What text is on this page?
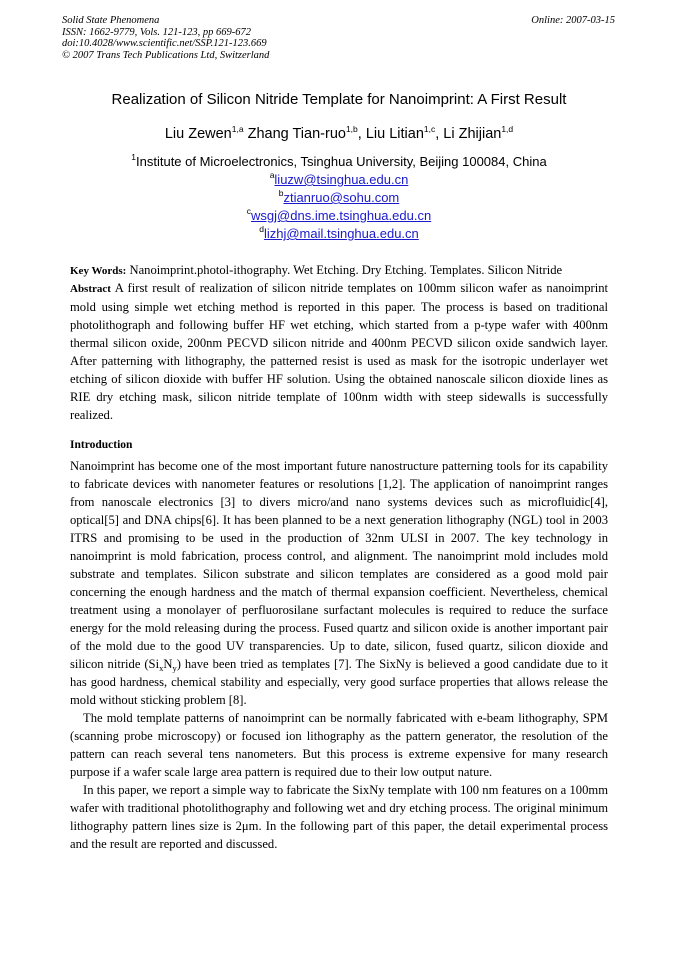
Solid State Phenomena
ISSN: 1662-9779, Vols. 121-123, pp 669-672
doi:10.4028/www.scientific.net/SSP.121-123.669
© 2007 Trans Tech Publications Ltd, Switzerland
Online: 2007-03-15
Realization of Silicon Nitride Template for Nanoimprint: A First Result
Liu Zewen$^{1,a}$ Zhang Tian-ruo$^{1,b}$, Liu Litian$^{1,c}$, Li Zhijian$^{1,d}$
$^1$Institute of Microelectronics, Tsinghua University, Beijing 100084, China
$^a$liuzw@tsinghua.edu.cn
$^b$ztianruo@sohu.com
$^c$wsgj@dns.ime.tsinghua.edu.cn
$^d$lizhj@mail.tsinghua.edu.cn
Key Words: Nanoimprint.photol-ithography. Wet Etching. Dry Etching. Templates. Silicon Nitride
Abstract A first result of realization of silicon nitride templates on 100mm silicon wafer as nanoimprint mold using simple wet etching method is reported in this paper. The process is based on traditional photolithograph and following buffer HF wet etching, which started from a p-type wafer with 400nm thermal silicon oxide, 200nm PECVD silicon nitride and 400nm PECVD silicon oxide sandwich layer. After patterning with lithography, the patterned resist is used as mask for the isotropic underlayer wet etching of silicon dioxide with buffer HF solution. Using the obtained nanoscale silicon dioxide lines as RIE dry etching mask, silicon nitride template of 100nm width with steep sidewalls is successfully realized.
Introduction

Nanoimprint has become one of the most important future nanostructure patterning tools for its capability to fabricate devices with nanometer features or resolutions [1,2]. The application of nanoimprint ranges from nanoscale electronics [3] to divers micro/and nano systems devices such as microfluidic[4], optical[5] and DNA chips[6]. It has been planned to be a next generation lithography (NGL) tool in 2003 ITRS and promising to be used in the production of 32nm ULSI in 2007. The key technology in nanoimprint is mold fabrication, process control, and alignment. The nanoimprint mold includes mold substrate and templates. Silicon substrate and silicon templates are considered as a good mold pair concerning the enough hardness and the match of thermal expansion coefficient. Nevertheless, chemical treatment using a monolayer of perfluorosilane surfactant molecules is required to reduce the surface energy for the mold releasing during the process. Fused quartz and silicon oxide is another important pair of the mold due to the good UV transparencies. Up to date, silicon, fused quartz, silicon dioxide and silicon nitride $(Si_xN_y)$ have been tried as templates [7]. The SixNy is believed a good candidate due to it has good hardness, chemical stability and especially, very good surface properties that allows release the mold without sticking problem [8].

The mold template patterns of nanoimprint can be normally fabricated with e-beam lithography, SPM (scanning probe microscopy) or focused ion lithography as the pattern generator, the resolution of the pattern can reach several tens nanometers. But this process is extreme expensive for many research purpose if a wafer scale large area pattern is required due to their low output nature.

In this paper, we report a simple way to fabricate the SixNy template with 100 nm features on a 100mm wafer with traditional photolithography and following wet and dry etching process. The original minimum lithography pattern lines size is 2μm. In the following part of this paper, the detail experimental process and the result are reported and discussed.
